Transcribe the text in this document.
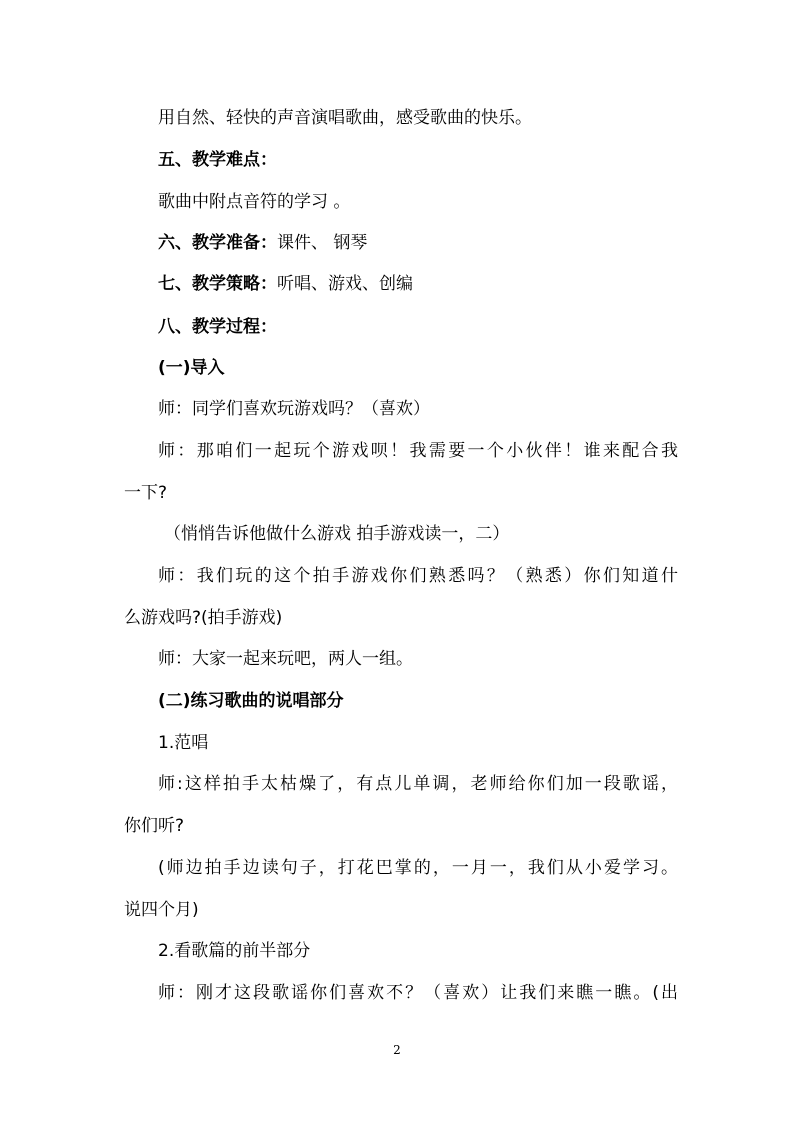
用自然、轻快的声音演唱歌曲，感受歌曲的快乐。
五、教学难点：
歌曲中附点音符的学习 。
六、教学准备：课件、 钢琴
七、教学策略：听唱、游戏、创编
八、教学过程：
(一)导入
师：同学们喜欢玩游戏吗？（喜欢）
师：那咱们一起玩个游戏呗！我需要一个小伙伴！谁来配合我
一下?
（悄悄告诉他做什么游戏 拍手游戏读一，二）
师：我们玩的这个拍手游戏你们熟悉吗？（熟悉）你们知道什
么游戏吗?(拍手游戏)
师：大家一起来玩吧，两人一组。
(二)练习歌曲的说唱部分
1.范唱
师:这样拍手太枯燥了，有点儿单调，老师给你们加一段歌谣，
你们听?
(师边拍手边读句子，打花巴掌的，一月一，我们从小爱学习。
说四个月)
2.看歌篇的前半部分
师：刚才这段歌谣你们喜欢不？（喜欢）让我们来瞧一瞧。(出
2
